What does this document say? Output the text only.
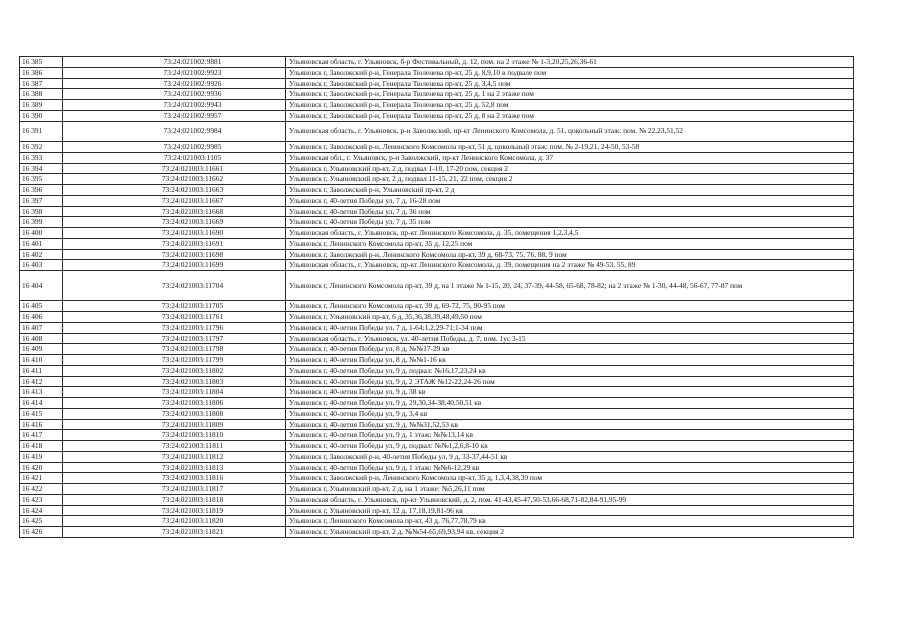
16 385	73:24:021002:9881	Ульяновская область, г. Ульяновск, б-р Фестивальный, д. 12, пом. на 2 этаже № 1-3,20,25,26,36-61
16 386	73:24:021002:9923	Ульяновск г, Заволжский р-н, Генерала Тюленева пр-кт, 25 д, 8,9,10 в подвале пом
16 387	73:24:021002:9926	Ульяновск г, Заволжский р-н, Генерала Тюленева пр-кт, 25 д, 3,4,5 пом
16 388	73:24:021002:9936	Ульяновск г, Заволжский р-н, Генерала Тюленева пр-кт, 25 д, 1 на 2 этаже пом
16 389	73:24:021002:9943	Ульяновск г, Заволжский р-н, Генерала Тюленева пр-кт, 25 д, 52,8 пом
16 390	73:24:021002:9957	Ульяновск г, Заволжский р-н, Генерала Тюленева пр-кт, 25 д, 8 на 2 этаже пом
16 391	73:24:021002:9984	Ульяновская область, г. Ульяновск, р-н Заволжский, пр-кт Ленинского Комсомола, д. 51, цокольный этаж: пом. № 22,23,51,52
16 392	73:24:021002:9985	Ульяновск г, Заволжский р-н, Ленинского Комсомола пр-кт, 51 д, цокольный этаж: пом. № 2-19,21, 24-50, 53-58
16 393	73:24:021003:1105	Ульяновская обл., г. Ульяновск, р-н Заволжский, пр-кт Ленинского Комсомола, д. 37
16 394	73:24:021003:11661	Ульяновск г, Ульяновский пр-кт, 2 д, подвал 1-10, 17-20 пом, секция 2
16 395	73:24:021003:11662	Ульяновск г, Ульяновский пр-кт, 2 д, подвал 11-15, 21, 22 пом, секция 2
16 396	73:24:021003:11663	Ульяновск г, Заволжский р-н, Ульяновский пр-кт, 2 д
16 397	73:24:021003:11667	Ульяновск г, 40-летия Победы ул, 7 д, 16-28 пом
16 398	73:24:021003:11668	Ульяновск г, 40-летия Победы ул, 7 д, 36 пом
16 399	73:24:021003:11669	Ульяновск г, 40-летия Победы ул, 7 д, 35 пом
16 400	73:24:021003:11690	Ульяновская область, г. Ульяновск, пр-кт Ленинского Комсомола, д. 35, помещения 1,2,3,4,5
16 401	73:24:021003:11691	Ульяновск г, Ленинского Комсомола пр-кт, 35 д, 12,25 пом
16 402	73:24:021003:11698	Ульяновск г, Заволжский р-н, Ленинского Комсомола пр-кт, 39 д, 68-73, 75, 76, 88, 9 пом
16 403	73:24:021003:11699	Ульяновская область, г. Ульяновск, пр-кт Ленинского Комсомола, д. 39, помещения на 2 этаже № 49-53, 55, 89
16 404	73:24:021003:11704	Ульяновск г, Ленинского Комсомола пр-кт, 39 д, на 1 этаже № 1-15, 20, 24, 37-39, 44-58, 65-68, 78-82; на 2 этаже № 1-30, 44-48, 56-67, 77-87 пом
16 405	73:24:021003:11705	Ульяновск г, Ленинского Комсомола пр-кт, 39 д, 69-72, 75, 90-95 пом
16 406	73:24:021003:11761	Ульяновск г, Ульяновский пр-кт, 6 д, 35,36,38,39,48,49,50 пом
16 407	73:24:021003:11796	Ульяновск г, 40-летия Победы ул, 7 д, 1-64;1,2,29-71;1-34 пом
16 408	73:24:021003:11797	Ульяновская область, г. Ульяновск, ул. 40-летия Победы, д. 7, пом. 1ус 3-15
16 409	73:24:021003:11798	Ульяновск г, 40-летия Победы ул, 8 д, №№17-29 кв
16 410	73:24:021003:11799	Ульяновск г, 40-летия Победы ул, 8 д, №№1-16 кв
16 411	73:24:021003:11802	Ульяновск г, 40-летия Победы ул, 9 д, подвал: №16,17,23,24 кв
16 412	73:24:021003:11803	Ульяновск г, 40-летия Победы ул, 9 д, 2 ЭТАЖ №12-22,24-26 пом
16 413	73:24:021003:11804	Ульяновск г, 40-летия Победы ул, 9 д, 38 кв
16 414	73:24:021003:11806	Ульяновск г, 40-летия Победы ул, 9 д, 29,30,34-38,40,50,51 кв
16 415	73:24:021003:11808	Ульяновск г, 40-летия Победы ул, 9 д, 3,4 кв
16 416	73:24:021003:11809	Ульяновск г, 40-летия Победы ул, 9 д, №№31,52,53 кв
16 417	73:24:021003:11810	Ульяновск г, 40-летия Победы ул, 9 д, 1 этаж: №№13,14 кв
16 418	73:24:021003:11811	Ульяновск г, 40-летия Победы ул, 9 д, подвал: №№1,2,6,8-10 кв
16 419	73:24:021003:11812	Ульяновск г, Заволжский р-н, 40-летия Победы ул, 9 д, 33-37,44-51 кв
16 420	73:24:021003:11813	Ульяновск г, 40-летия Победы ул, 9 д, 1 этаж: №№6-12,29 кв
16 421	73:24:021003:11816	Ульяновск г, Заволжский р-н, Ленинского Комсомола пр-кт, 35 д, 1,3,4,38,39 пом
16 422	73:24:021003:11817	Ульяновск г, Ульяновский пр-кт, 2 д, на 1 этаже: №5,26,11 пом
16 423	73:24:021003:11818	Ульяновская область, г. Ульяновск, пр-кт Ульяновский, д. 2, пом. 41-43,45-47,50-53,66-68,71-82,84-91,95-99
16 424	73:24:021003:11819	Ульяновск г, Ульяновский пр-кт, 12 д, 17,18,19,81-96 кв
16 425	73:24:021003:11820	Ульяновск г, Ленинского Комсомола пр-кт, 43 д, 76,77,78,79 кв
16 426	73:24:021003:11821	Ульяновск г, Ульяновский пр-кт, 2 д, №№54-65,69,93,94 кв, секция 2
